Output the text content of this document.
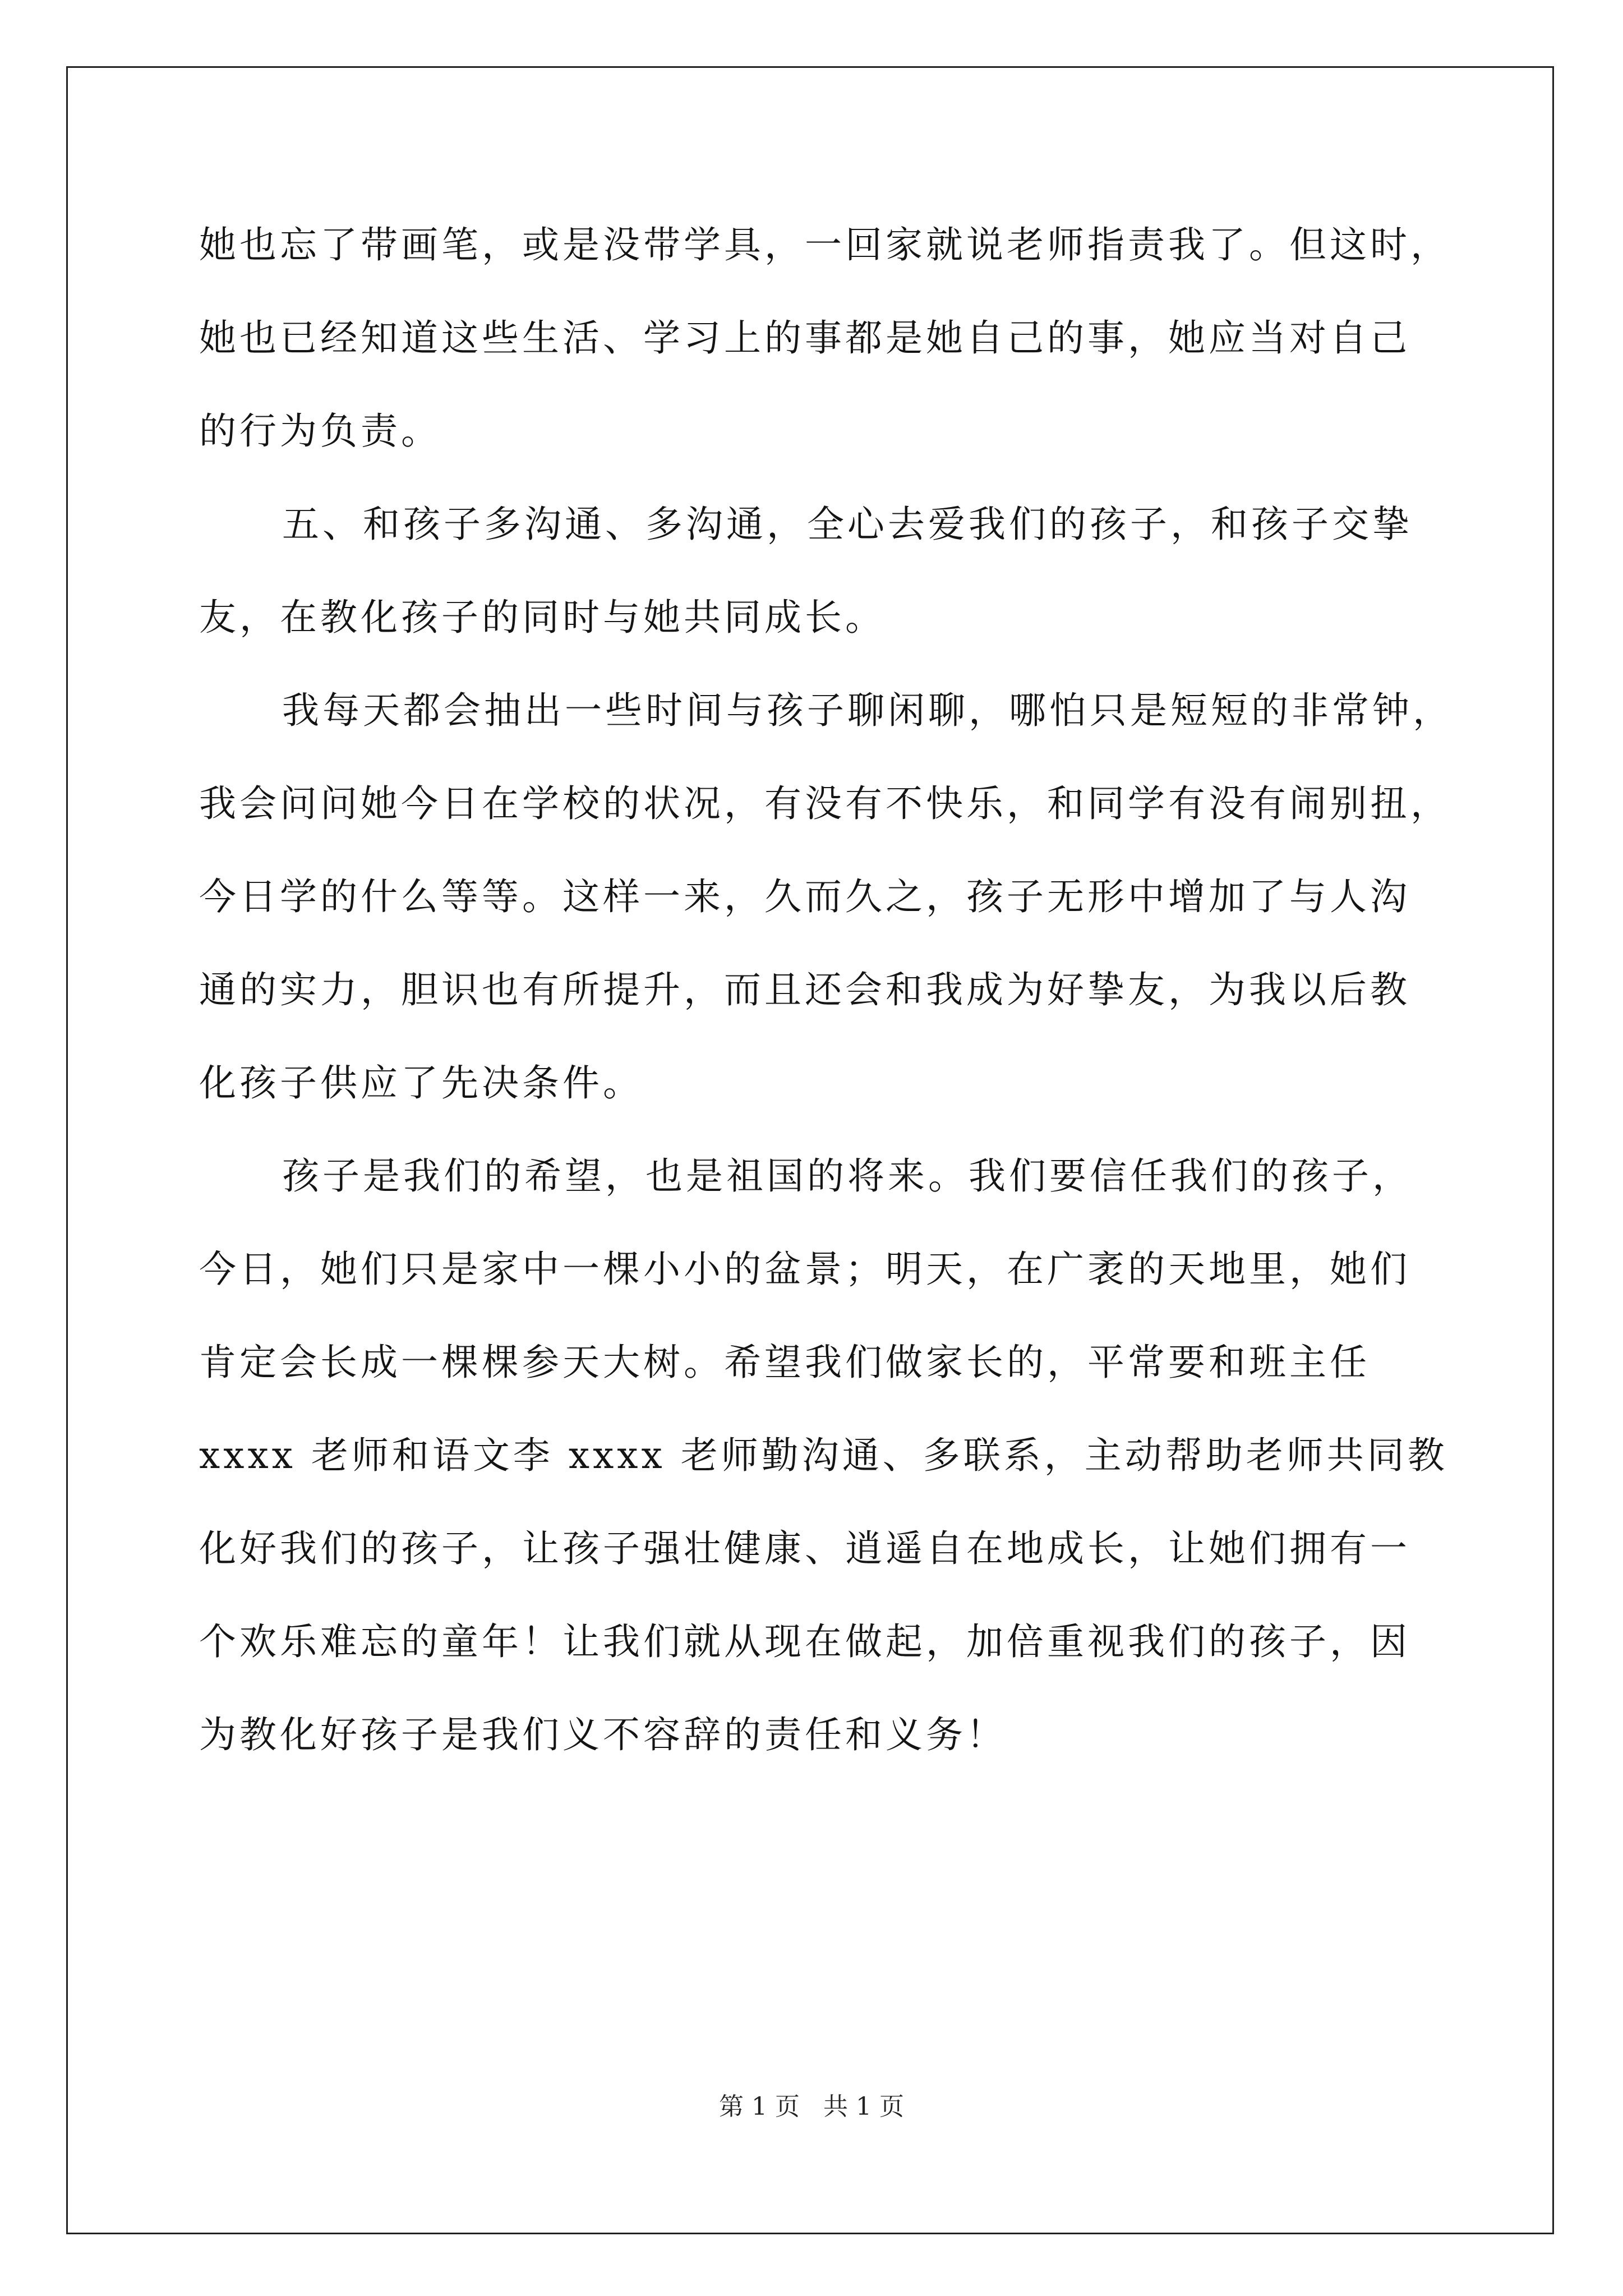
她也忘了带画笔，或是没带学具，一回家就说老师指责我了。但这时，
她也已经知道这些生活、学习上的事都是她自己的事，她应当对自己
的行为负责。
五、和孩子多沟通、多沟通，全心去爱我们的孩子，和孩子交挚
友，在教化孩子的同时与她共同成长。
我每天都会抽出一些时间与孩子聊闲聊，哪怕只是短短的非常钟，
我会问问她今日在学校的状况，有没有不快乐，和同学有没有闹别扭，
今日学的什么等等。这样一来，久而久之，孩子无形中增加了与人沟
通的实力，胆识也有所提升，而且还会和我成为好挚友，为我以后教
化孩子供应了先决条件。
孩子是我们的希望，也是祖国的将来。我们要信任我们的孩子，
今日，她们只是家中一棵小小的盆景；明天，在广袤的天地里，她们
肯定会长成一棵棵参天大树。希望我们做家长的，平常要和班主任
xxxx 老师和语文李 xxxx 老师勤沟通、多联系，主动帮助老师共同教
化好我们的孩子，让孩子强壮健康、逍遥自在地成长，让她们拥有一
个欢乐难忘的童年！让我们就从现在做起，加倍重视我们的孩子，因
为教化好孩子是我们义不容辞的责任和义务！
第 1 页 共 1 页
